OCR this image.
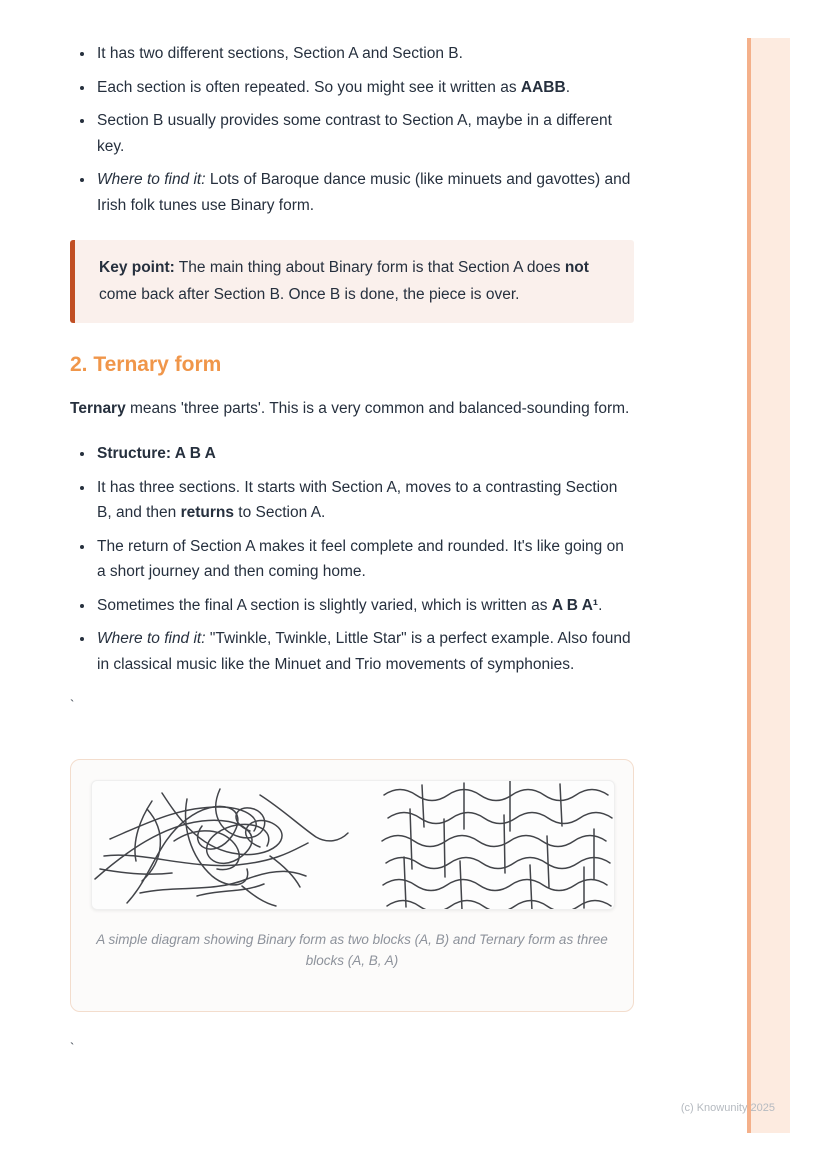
• It has two different sections, Section A and Section B.
• Each section is often repeated. So you might see it written as AABB.
• Section B usually provides some contrast to Section A, maybe in a different key.
• Where to find it: Lots of Baroque dance music (like minuets and gavottes) and Irish folk tunes use Binary form.

Key point: The main thing about Binary form is that Section A does not come back after Section B. Once B is done, the piece is over.

2. Ternary form

Ternary means 'three parts'. This is a very common and balanced-sounding form.

• Structure: A B A
• It has three sections. It starts with Section A, moves to a contrasting Section B, and then returns to Section A.
• The return of Section A makes it feel complete and rounded. It's like going on a short journey and then coming home.
• Sometimes the final A section is slightly varied, which is written as A B A¹.
• Where to find it: "Twinkle, Twinkle, Little Star" is a perfect example. Also found in classical music like the Minuet and Trio movements of symphonies.
`
A simple diagram showing Binary form as two blocks (A, B) and Ternary form as three blocks (A, B, A)
`
(c) Knowunity 2025
